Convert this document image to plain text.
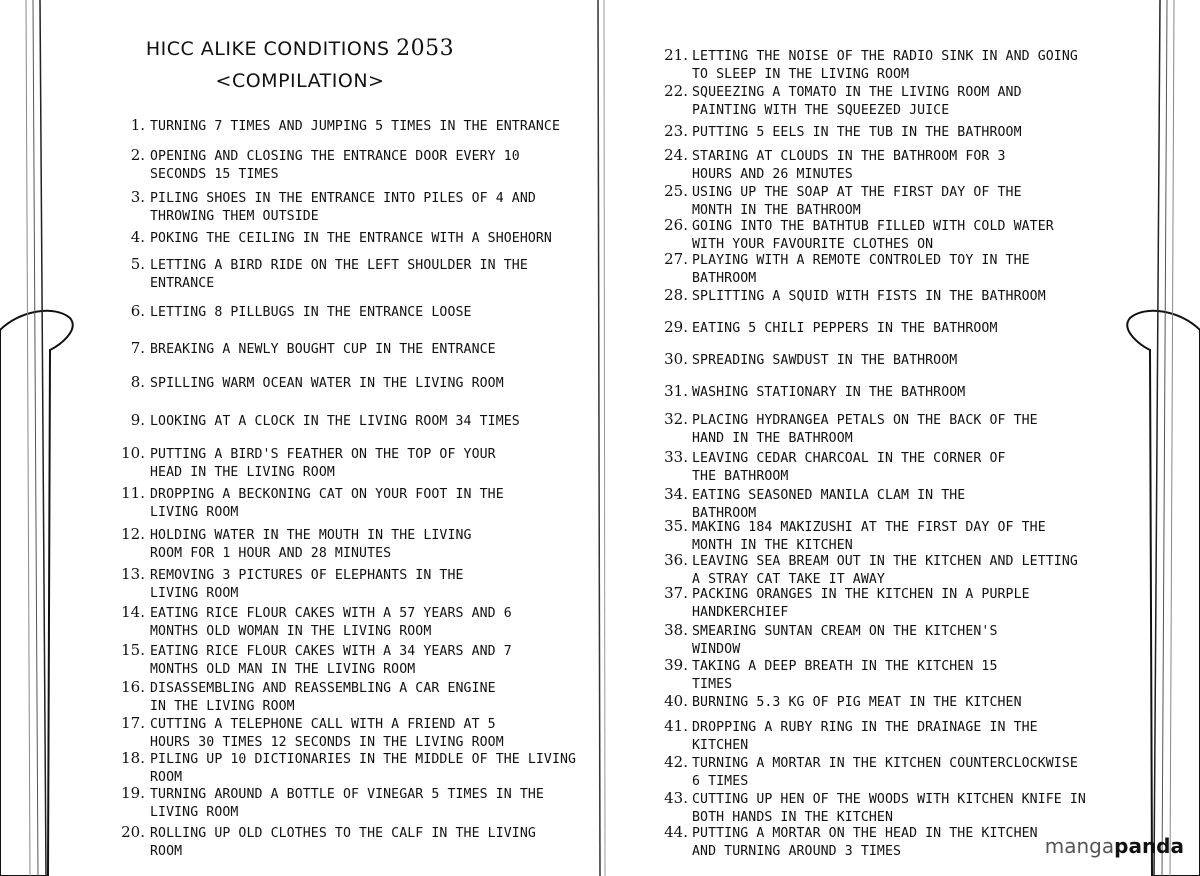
HICC ALIKE CONDITIONS 2053
<COMPILATION>
1. TURNING 7 TIMES AND JUMPING 5 TIMES IN THE ENTRANCE
2. OPENING AND CLOSING THE ENTRANCE DOOR EVERY 10
SECONDS 15 TIMES
3. PILING SHOES IN THE ENTRANCE INTO PILES OF 4 AND
THROWING THEM OUTSIDE
4. POKING THE CEILING IN THE ENTRANCE WITH A SHOEHORN
5. LETTING A BIRD RIDE ON THE LEFT SHOULDER IN THE
ENTRANCE
6. LETTING 8 PILLBUGS IN THE ENTRANCE LOOSE
7. BREAKING A NEWLY BOUGHT CUP IN THE ENTRANCE
8. SPILLING WARM OCEAN WATER IN THE LIVING ROOM
9. LOOKING AT A CLOCK IN THE LIVING ROOM 34 TIMES
10. PUTTING A BIRD'S FEATHER ON THE TOP OF YOUR
HEAD IN THE LIVING ROOM
11. DROPPING A BECKONING CAT ON YOUR FOOT IN THE
LIVING ROOM
12. HOLDING WATER IN THE MOUTH IN THE LIVING
ROOM FOR 1 HOUR AND 28 MINUTES
13. REMOVING 3 PICTURES OF ELEPHANTS IN THE
LIVING ROOM
14. EATING RICE FLOUR CAKES WITH A 57 YEARS AND 6
MONTHS OLD WOMAN IN THE LIVING ROOM
15. EATING RICE FLOUR CAKES WITH A 34 YEARS AND 7
MONTHS OLD MAN IN THE LIVING ROOM
16. DISASSEMBLING AND REASSEMBLING A CAR ENGINE
IN THE LIVING ROOM
17. CUTTING A TELEPHONE CALL WITH A FRIEND AT 5
HOURS 30 TIMES 12 SECONDS IN THE LIVING ROOM
18. PILING UP 10 DICTIONARIES IN THE MIDDLE OF THE LIVING
ROOM
19. TURNING AROUND A BOTTLE OF VINEGAR 5 TIMES IN THE
LIVING ROOM
20. ROLLING UP OLD CLOTHES TO THE CALF IN THE LIVING
ROOM
21. LETTING THE NOISE OF THE RADIO SINK IN AND GOING
TO SLEEP IN THE LIVING ROOM
22. SQUEEZING A TOMATO IN THE LIVING ROOM AND
PAINTING WITH THE SQUEEZED JUICE
23. PUTTING 5 EELS IN THE TUB IN THE BATHROOM
24. STARING AT CLOUDS IN THE BATHROOM FOR 3
HOURS AND 26 MINUTES
25. USING UP THE SOAP AT THE FIRST DAY OF THE
MONTH IN THE BATHROOM
26. GOING INTO THE BATHTUB FILLED WITH COLD WATER
WITH YOUR FAVOURITE CLOTHES ON
27. PLAYING WITH A REMOTE CONTROLED TOY IN THE
BATHROOM
28. SPLITTING A SQUID WITH FISTS IN THE BATHROOM
29. EATING 5 CHILI PEPPERS IN THE BATHROOM
30. SPREADING SAWDUST IN THE BATHROOM
31. WASHING STATIONARY IN THE BATHROOM
32. PLACING HYDRANGEA PETALS ON THE BACK OF THE
HAND IN THE BATHROOM
33. LEAVING CEDAR CHARCOAL IN THE CORNER OF
THE BATHROOM
34. EATING SEASONED MANILA CLAM IN THE
BATHROOM
35. MAKING 184 MAKIZUSHI AT THE FIRST DAY OF THE
MONTH IN THE KITCHEN
36. LEAVING SEA BREAM OUT IN THE KITCHEN AND LETTING
A STRAY CAT TAKE IT AWAY
37. PACKING ORANGES IN THE KITCHEN IN A PURPLE
HANDKERCHIEF
38. SMEARING SUNTAN CREAM ON THE KITCHEN'S
WINDOW
39. TAKING A DEEP BREATH IN THE KITCHEN 15
TIMES
40. BURNING 5.3 KG OF PIG MEAT IN THE KITCHEN
41. DROPPING A RUBY RING IN THE DRAINAGE IN THE
KITCHEN
42. TURNING A MORTAR IN THE KITCHEN COUNTERCLOCKWISE
6 TIMES
43. CUTTING UP HEN OF THE WOODS WITH KITCHEN KNIFE IN
BOTH HANDS IN THE KITCHEN
44. PUTTING A MORTAR ON THE HEAD IN THE KITCHEN
AND TURNING AROUND 3 TIMES	mangapanda
